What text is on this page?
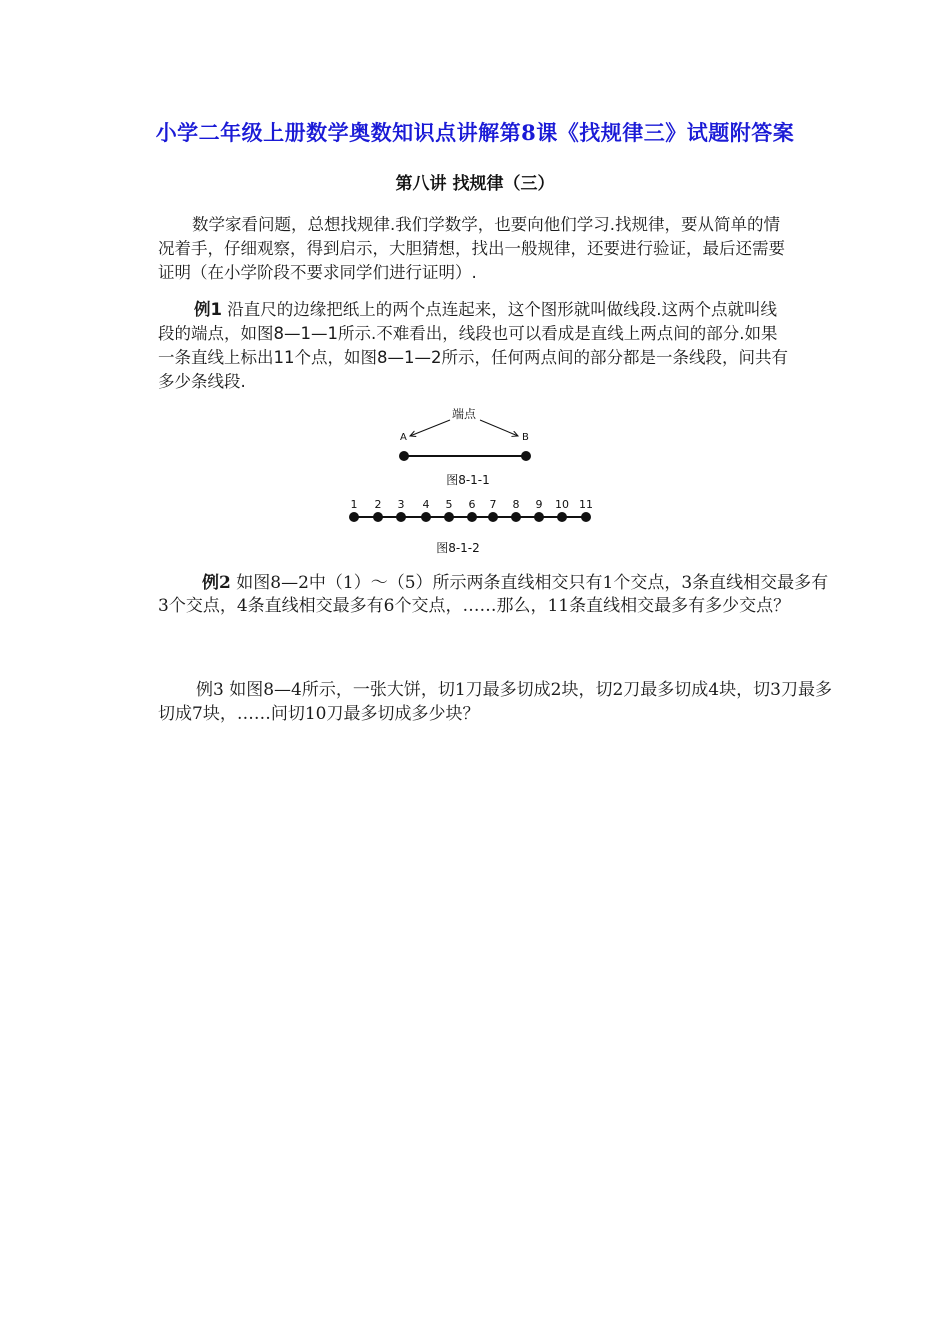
小学二年级上册数学奥数知识点讲解第8课《找规律三》试题附答案
第八讲 找规律（三）
数学家看问题，总想找规律.我们学数学，也要向他们学习.找规律，要从简单的情况着手，仔细观察，得到启示，大胆猜想，找出一般规律，还要进行验证，最后还需要证明（在小学阶段不要求同学们进行证明）.
例1 沿直尺的边缘把纸上的两个点连起来，这个图形就叫做线段.这两个点就叫线段的端点，如图8—1—1所示.不难看出，线段也可以看成是直线上两点间的部分.如果一条直线上标出11个点，如图8—1—2所示，任何两点间的部分都是一条线段，问共有多少条线段.
端点
A	B
图8-1-1
1 2 3 4 5 6 7 8 9 10 11
图8-1-2
例2 如图8—2中（1）～（5）所示两条直线相交只有1个交点，3条直线相交最多有3个交点，4条直线相交最多有6个交点，……那么，11条直线相交最多有多少交点？
例3 如图8—4所示，一张大饼，切1刀最多切成2块，切2刀最多切成4块，切3刀最多切成7块，……问切10刀最多切成多少块？
